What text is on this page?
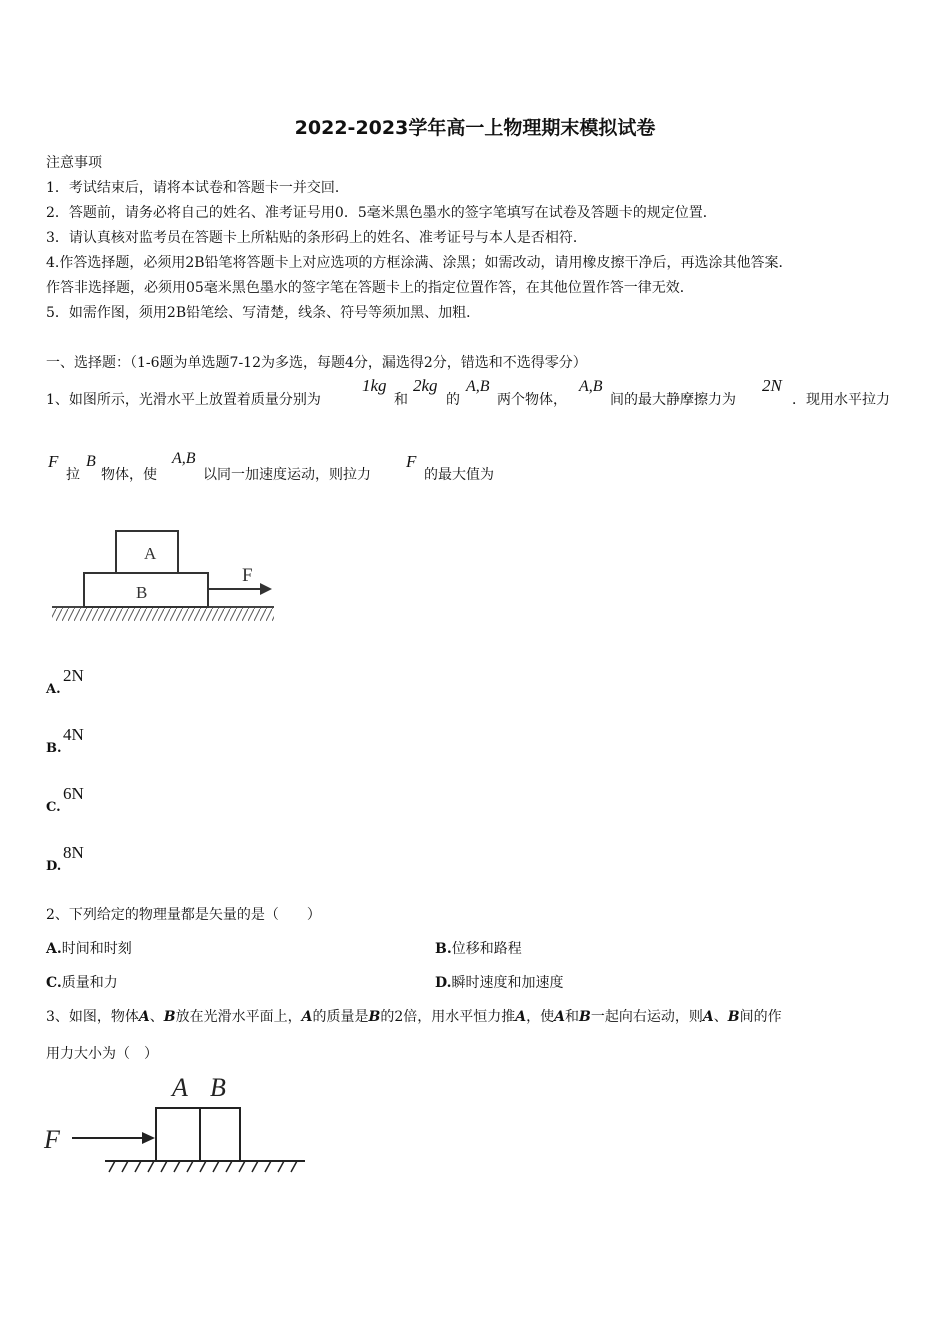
2022-2023学年高一上物理期末模拟试卷
注意事项
1．考试结束后，请将本试卷和答题卡一并交回．
2．答题前，请务必将自己的姓名、准考证号用0．5毫米黑色墨水的签字笔填写在试卷及答题卡的规定位置．
3．请认真核对监考员在答题卡上所粘贴的条形码上的姓名、准考证号与本人是否相符．
4.作答选择题，必须用2B铅笔将答题卡上对应选项的方框涂满、涂黑；如需改动，请用橡皮擦干净后，再选涂其他答案．
作答非选择题，必须用05毫米黑色墨水的签字笔在答题卡上的指定位置作答，在其他位置作答一律无效．
5．如需作图，须用2B铅笔绘、写清楚，线条、符号等须加黑、加粗．
一、选择题：（1-6题为单选题7-12为多选，每题4分，漏选得2分，错选和不选得零分）
1、如图所示，光滑水平上放置着质量分别为
1kg
和
2kg
的
A,B
两个物体，
A,B
间的最大静摩擦力为
2N
．现用水平拉力
F
拉
B
物体，使
A,B
以同一加速度运动，则拉力
F
的最大值为
A
B
F
A.
2N
B.
4N
C.
6N
D.
8N
2、下列给定的物理量都是矢量的是（　　）
A.时间和时刻	B.位移和路程
C.质量和力	D.瞬时速度和加速度
3、如图，物体A、B放在光滑水平面上，A的质量是B的2倍，用水平恒力推A，使A和B一起向右运动，则A、B间的作
用力大小为（　）
A B
F
